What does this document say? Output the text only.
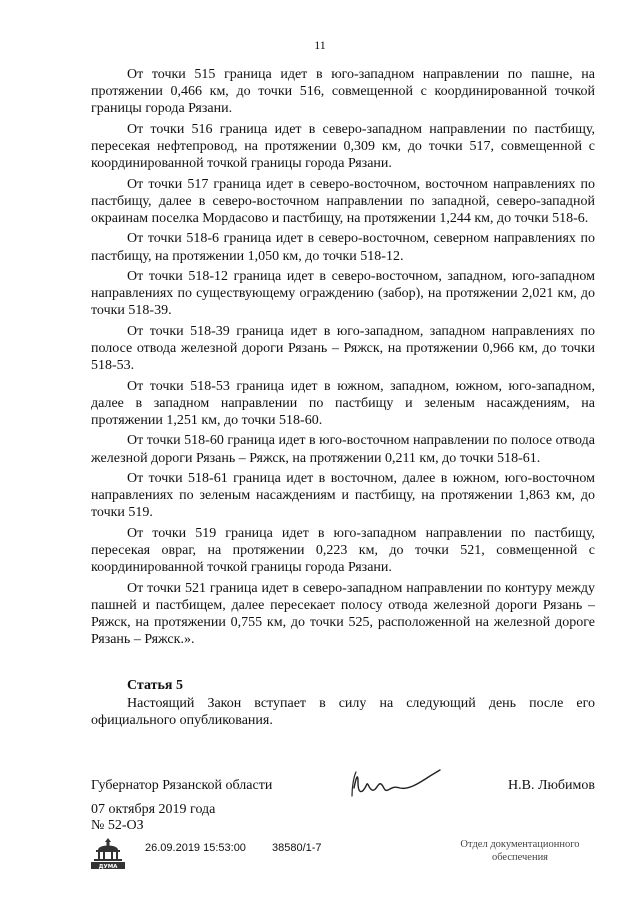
11

От точки 515 граница идет в юго-западном направлении по пашне, на протяжении 0,466 км, до точки 516, совмещенной с координированной точкой границы города Рязани.

От точки 516 граница идет в северо-западном направлении по пастбищу, пересекая нефтепровод, на протяжении 0,309 км, до точки 517, совмещенной с координированной точкой границы города Рязани.

От точки 517 граница идет в северо-восточном, восточном направлениях по пастбищу, далее в северо-восточном направлении по западной, северо-западной окраинам поселка Мордасово и пастбищу, на протяжении 1,244 км, до точки 518-6.

От точки 518-6 граница идет в северо-восточном, северном направлениях по пастбищу, на протяжении 1,050 км, до точки 518-12.

От точки 518-12 граница идет в северо-восточном, западном, юго-западном направлениях по существующему ограждению (забор), на протяжении 2,021 км, до точки 518-39.

От точки 518-39 граница идет в юго-западном, западном направлениях по полосе отвода железной дороги Рязань – Ряжск, на протяжении 0,966 км, до точки 518-53.

От точки 518-53 граница идет в южном, западном, южном, юго-западном, далее в западном направлении по пастбищу и зеленым насаждениям, на протяжении 1,251 км, до точки 518-60.

От точки 518-60 граница идет в юго-восточном направлении по полосе отвода железной дороги Рязань – Ряжск, на протяжении 0,211 км, до точки 518-61.

От точки 518-61 граница идет в восточном, далее в южном, юго-восточном направлениях по зеленым насаждениям и пастбищу, на протяжении 1,863 км, до точки 519.

От точки 519 граница идет в юго-западном направлении по пастбищу, пересекая овраг, на протяжении 0,223 км, до точки 521, совмещенной с координированной точкой границы города Рязани.

От точки 521 граница идет в северо-западном направлении по контуру между пашней и пастбищем, далее пересекает полосу отвода железной дороги Рязань – Ряжск, на протяжении 0,755 км, до точки 525, расположенной на железной дороге Рязань – Ряжск.».

Статья 5

Настоящий Закон вступает в силу на следующий день после его официального опубликования.

Губернатор Рязанской области	Н.В. Любимов
07 октября 2019 года
№ 52-ОЗ
ДУМА
26.09.2019 15:53:00 38580/1-7	Отдел документационного
обеспечения
